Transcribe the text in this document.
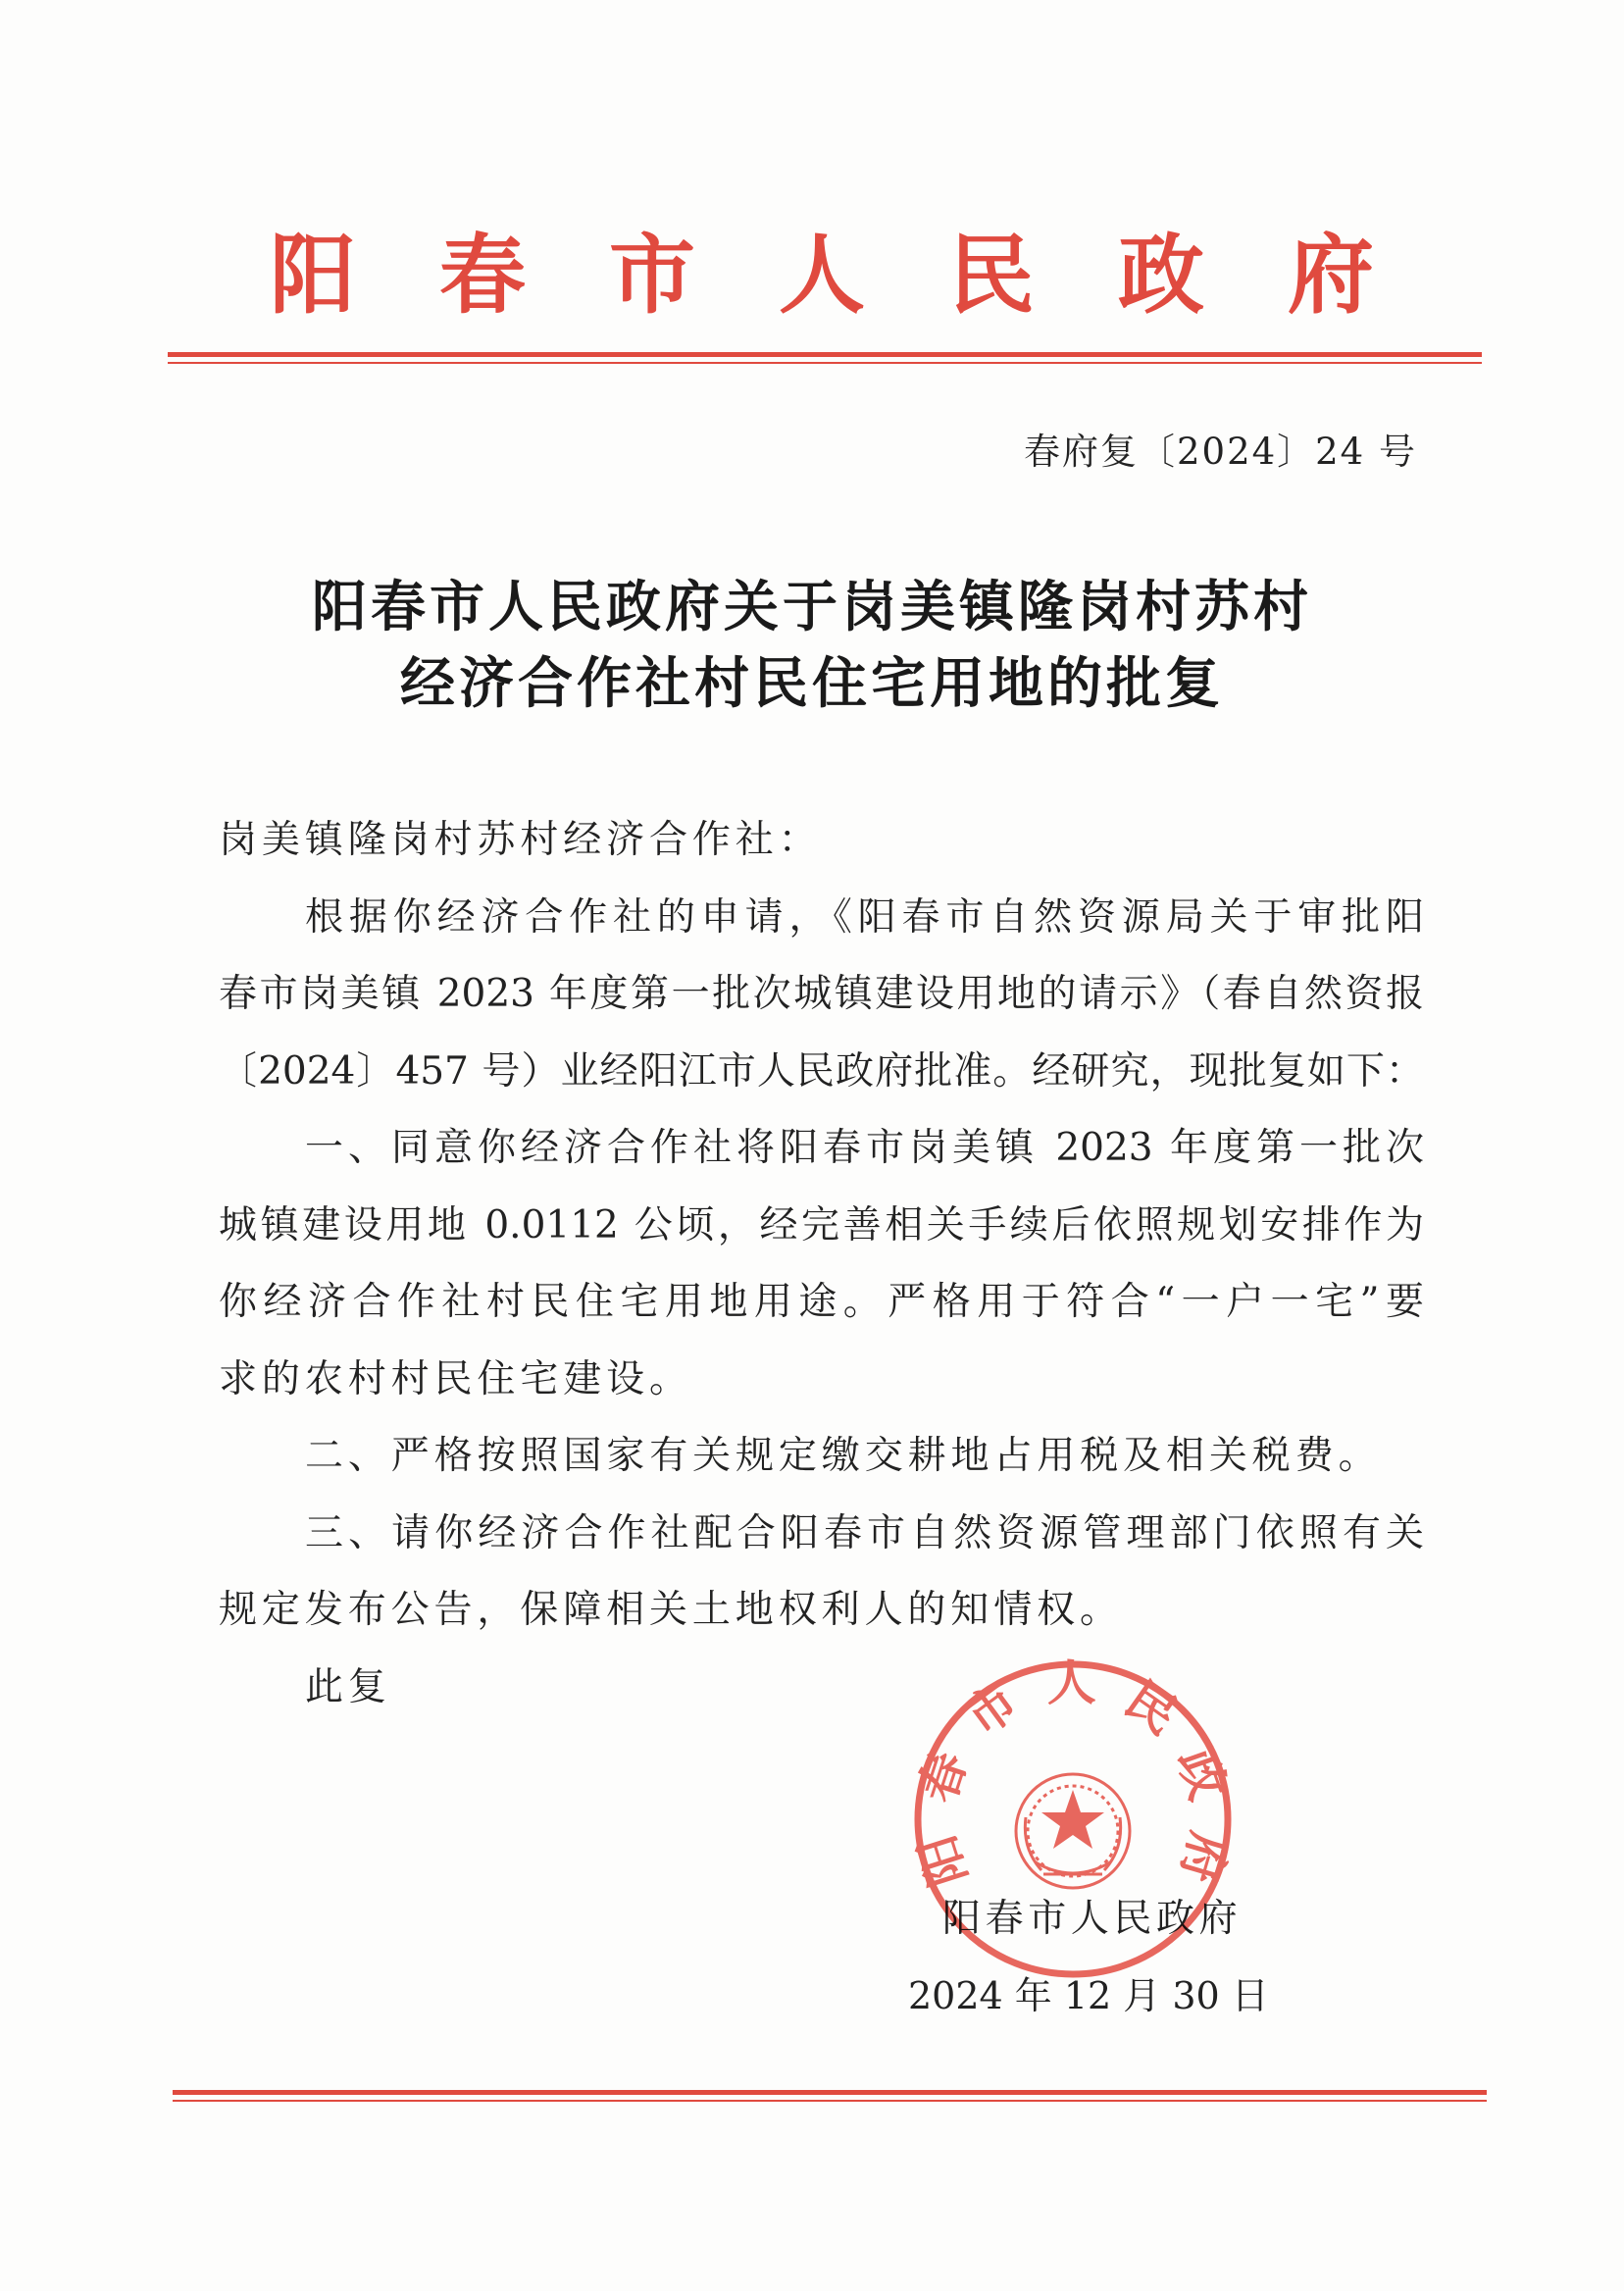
阳春市人民政府
春府复〔2024〕24 号
阳春市人民政府关于岗美镇隆岗村苏村
经济合作社村民住宅用地的批复
岗美镇隆岗村苏村经济合作社：
根据你经济合作社的申请，《阳春市自然资源局关于审批阳
春市岗美镇 2023 年度第一批次城镇建设用地的请示》（春自然资报
〔2024〕457 号）业经阳江市人民政府批准。经研究，现批复如下：
一、同意你经济合作社将阳春市岗美镇 2023 年度第一批次
城镇建设用地 0.0112 公顷，经完善相关手续后依照规划安排作为
你经济合作社村民住宅用地用途。严格用于符合“一户一宅”要
求的农村村民住宅建设。
二、严格按照国家有关规定缴交耕地占用税及相关税费。
三、请你经济合作社配合阳春市自然资源管理部门依照有关
规定发布公告，保障相关土地权利人的知情权。
此复
阳春市人民政府
2024 年 12 月 30 日
阳春市人民政府
